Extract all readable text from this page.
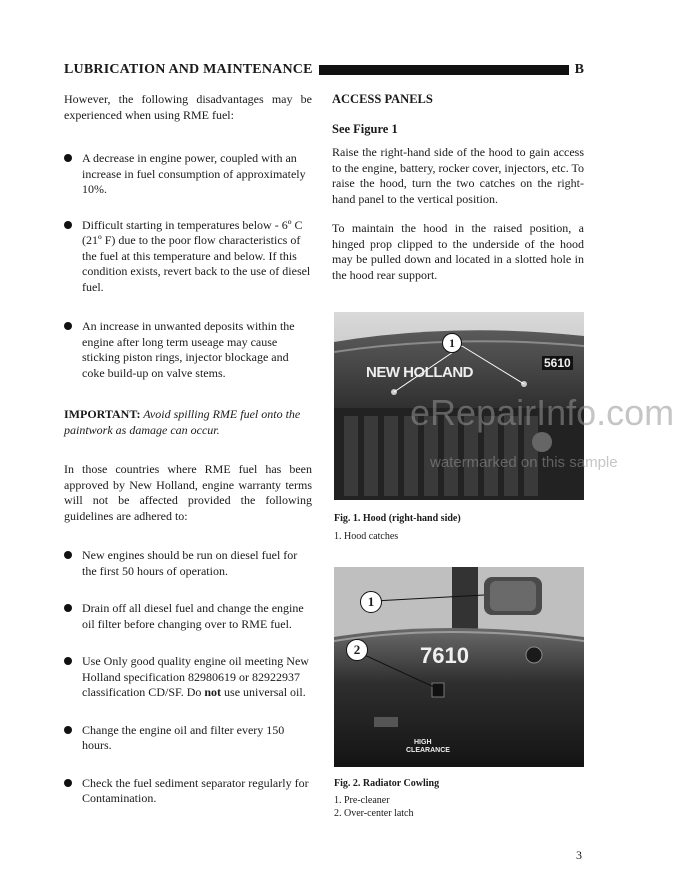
LUBRICATION AND MAINTENANCE	B

However, the following disadvantages may be experienced when using RME fuel:

A decrease in engine power, coupled with an increase in fuel consumption of approximately 10%.
Difficult starting in temperatures below - 6º C (21º F) due to the poor flow characteristics of the fuel at this temperature and below. If this condition exists, revert back to the use of diesel fuel.
An increase in unwanted deposits within the engine after long term useage may cause sticking piston rings, injector blockage and coke build-up on valve stems.

IMPORTANT: Avoid spilling RME fuel onto the paintwork as damage can occur.

In those countries where RME fuel has been approved by New Holland, engine warranty terms will not be affected provided the following guidelines are adhered to:

New engines should be run on diesel fuel for the first 50 hours of operation.
Drain off all diesel fuel and change the engine oil filter before changing over to RME fuel.
Use Only good quality engine oil meeting New Holland specification 82980619 or 82922937 classification CD/SF. Do not use universal oil.
Change the engine oil and filter every 150 hours.
Check the fuel sediment separator regularly for Contamination.

ACCESS PANELS

See Figure 1

Raise the right-hand side of the hood to gain access to the engine, battery, rocker cover, injectors, etc. To raise the hood, turn the two catches on the right-hand panel to the vertical position.

To maintain the hood in the raised position, a hinged prop clipped to the underside of the hood may be pulled down and located in a slotted hole in the hood rear support.

NEW HOLLAND
5610
1

Fig. 1. Hood (right-hand side)

1. Hood catches

7610
HIGH
CLEARANCE
1
2

Fig. 2. Radiator Cowling

1. Pre-cleaner

2. Over-center latch

eRepairInfo.com
watermarked on this sample
3
